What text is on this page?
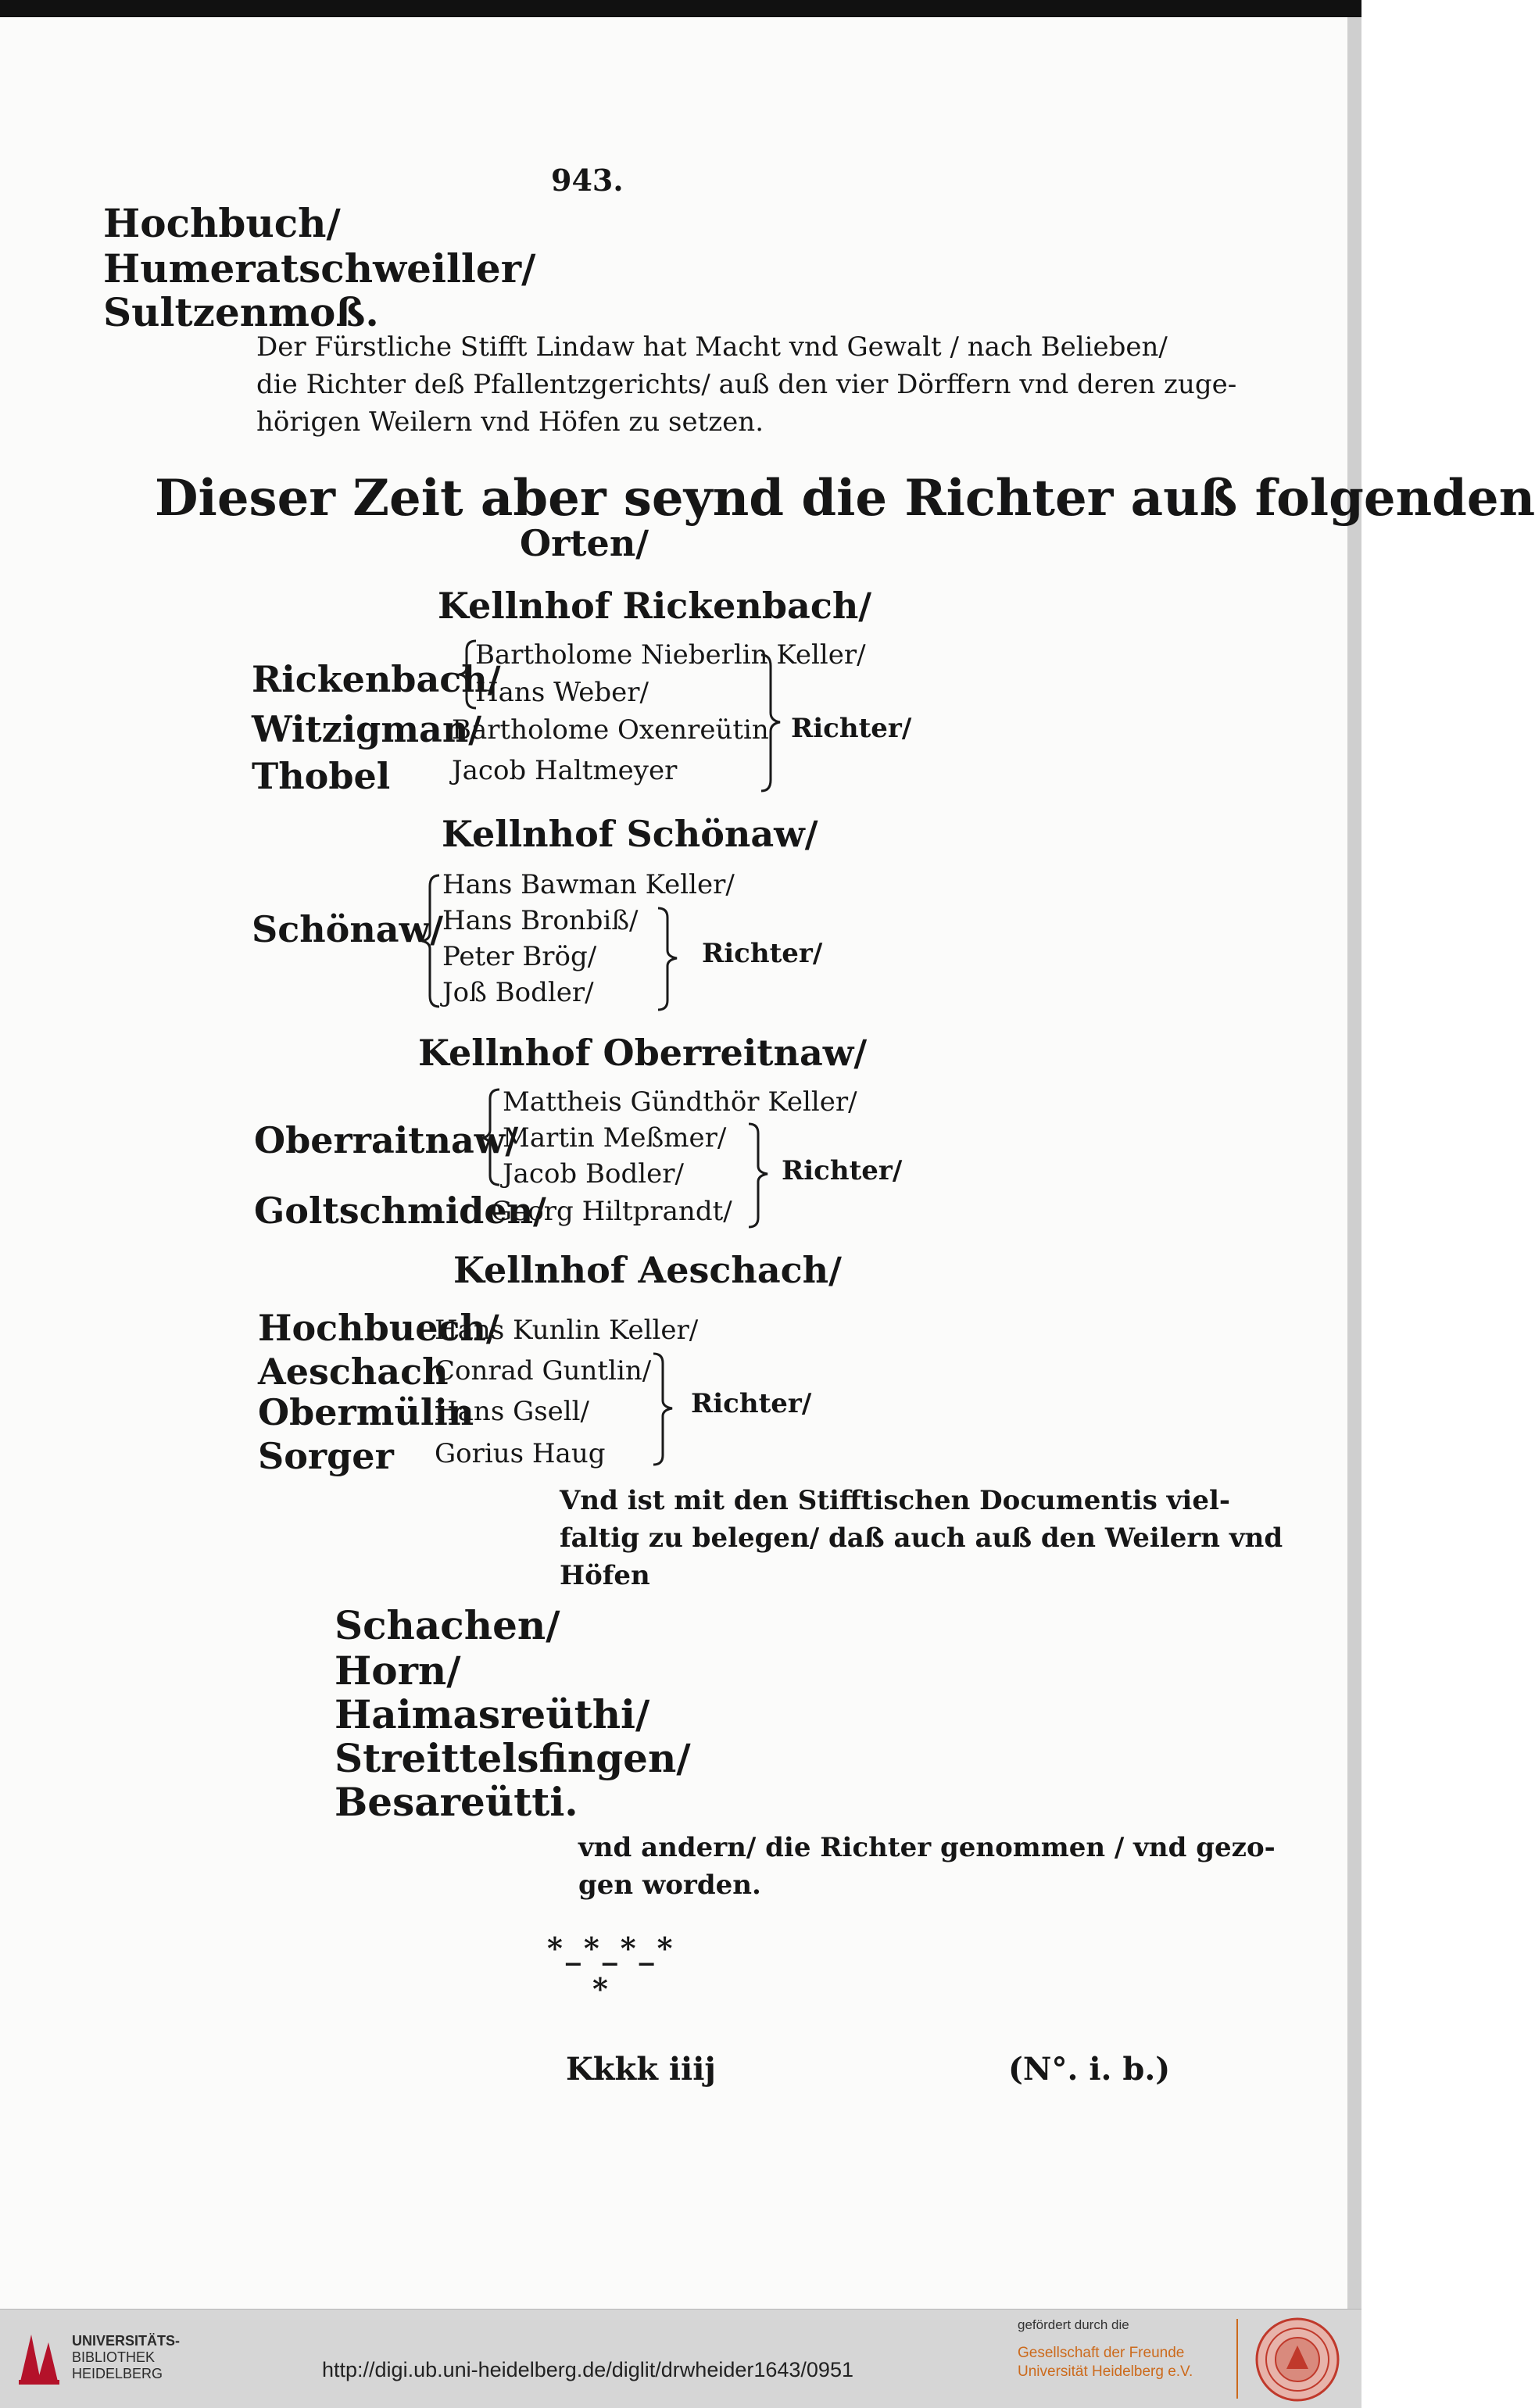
943.
Hochbuch/
Humeratschweiller/
Sultzenmoß.
Der Fürstliche Stifft Lindaw hat Macht vnd Gewalt / nach Belieben/
die Richter deß Pfallentzgerichts/ auß den vier Dörffern vnd deren zuge-
hörigen Weilern vnd Höfen zu setzen.
Dieser Zeit aber seynd die Richter auß folgenden
Orten/
Kellnhof Rickenbach/
Rickenbach/
Witzigman/
Thobel
Bartholome Nieberlin Keller/
Hans Weber/
Bartholome Oxenreütin
Jacob Haltmeyer
Richter/
Kellnhof Schönaw/
Schönaw/
Hans Bawman Keller/
Hans Bronbiß/
Peter Brög/
Joß Bodler/
Richter/
Kellnhof Oberreitnaw/
Oberraitnaw/
Goltschmiden/
Mattheis Gündthör Keller/
Martin Meßmer/
Jacob Bodler/
Georg Hiltprandt/
Richter/
Kellnhof Aeschach/
Hochbuech/
Aeschach
Obermülin
Sorger
Hans Kunlin Keller/
Conrad Guntlin/
Hans Gsell/
Gorius Haug
Richter/
Vnd ist mit den Stifftischen Documentis viel-
faltig zu belegen/ daß auch auß den Weilern vnd
Höfen
Schachen/
Horn/
Haimasreüthi/
Streittelsfingen/
Besareütti.
vnd andern/ die Richter genommen / vnd gezo-
gen worden.
*_*_*_*
*
Kkkk iiij	(N°. i. b.)
UNIVERSITÄTS-
BIBLIOTHEK
HEIDELBERG	http://digi.ub.uni-heidelberg.de/diglit/drwheider1643/0951
gefördert durch die
Gesellschaft der Freunde
Universität Heidelberg e.V.
